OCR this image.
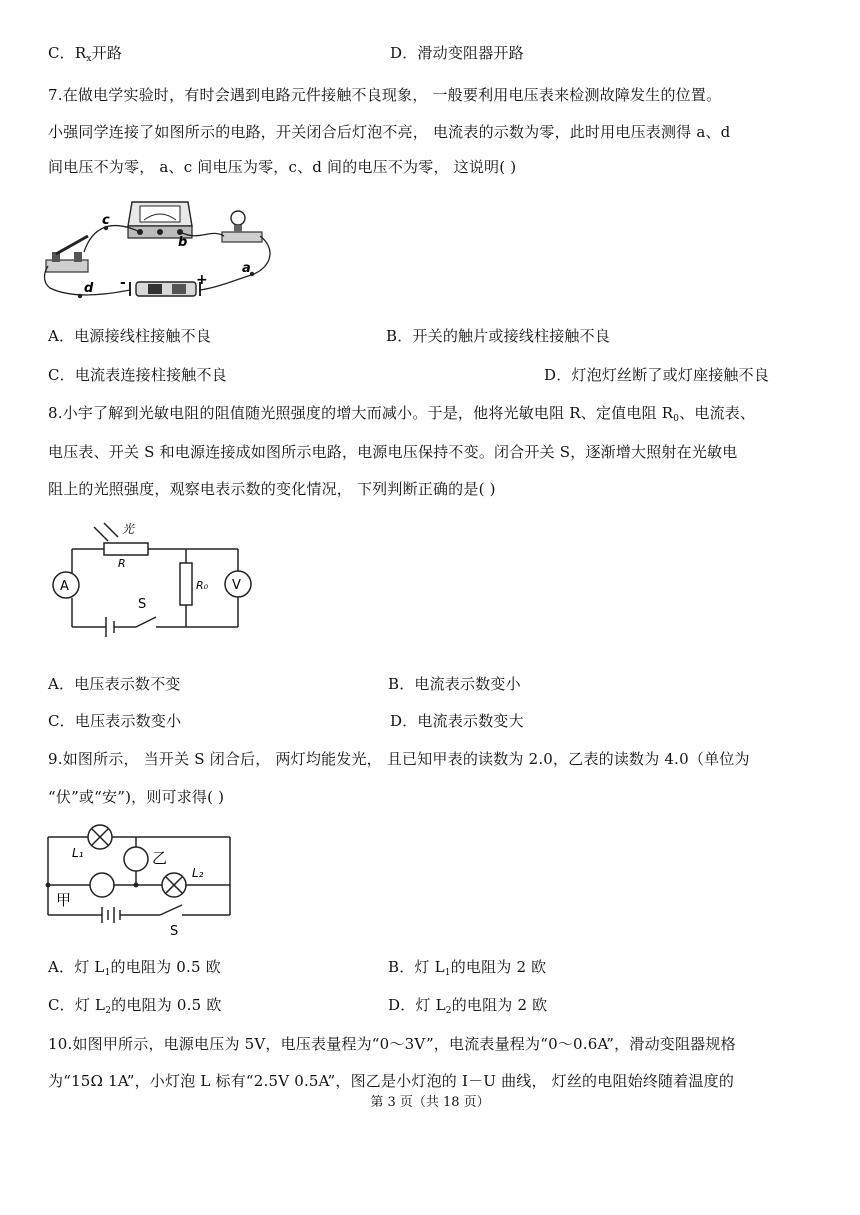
C．$R_x$开路	D．滑动变阻器开路
7.在做电学实验时，有时会遇到电路元件接触不良现象， 一般要利用电压表来检测故障发生的位置。
小强同学连接了如图所示的电路，开关闭合后灯泡不亮， 电流表的示数为零，此时用电压表测得 a、d
间电压不为零， a、c 间电压为零，c、d 间的电压不为零， 这说明( )
c
b
a
d -	+
A．电源接线柱接触不良	B．开关的触片或接线柱接触不良
C．电流表连接柱接触不良	D．灯泡灯丝断了或灯座接触不良
8.小宇了解到光敏电阻的阻值随光照强度的增大而减小。于是，他将光敏电阻 R、定值电阻 $R_0$、电流表、
电压表、开关 S 和电源连接成如图所示电路，电源电压保持不变。闭合开关 S，逐渐增大照射在光敏电
阻上的光照强度，观察电表示数的变化情况， 下列判断正确的是( )
光
R
R₀
A	V
S
A．电压表示数不变	B．电流表示数变小
C．电压表示数变小	D．电流表示数变大
9.如图所示， 当开关 S 闭合后， 两灯均能发光， 且已知甲表的读数为 2.0，乙表的读数为 4.0（单位为
“伏”或“安”)，则可求得( )
L₁	乙
L₂
甲
S
A．灯 $L_1$的电阻为 0.5 欧	B．灯 $L_1$的电阻为 2 欧
C．灯 $L_2$的电阻为 0.5 欧	D．灯 $L_2$的电阻为 2 欧
10.如图甲所示，电源电压为 5V，电压表量程为“0～3V”，电流表量程为“0～0.6A”，滑动变阻器规格
为“15Ω 1A”，小灯泡 L 标有“2.5V 0.5A”，图乙是小灯泡的 I－U 曲线， 灯丝的电阻始终随着温度的
第 3 页（共 18 页）
